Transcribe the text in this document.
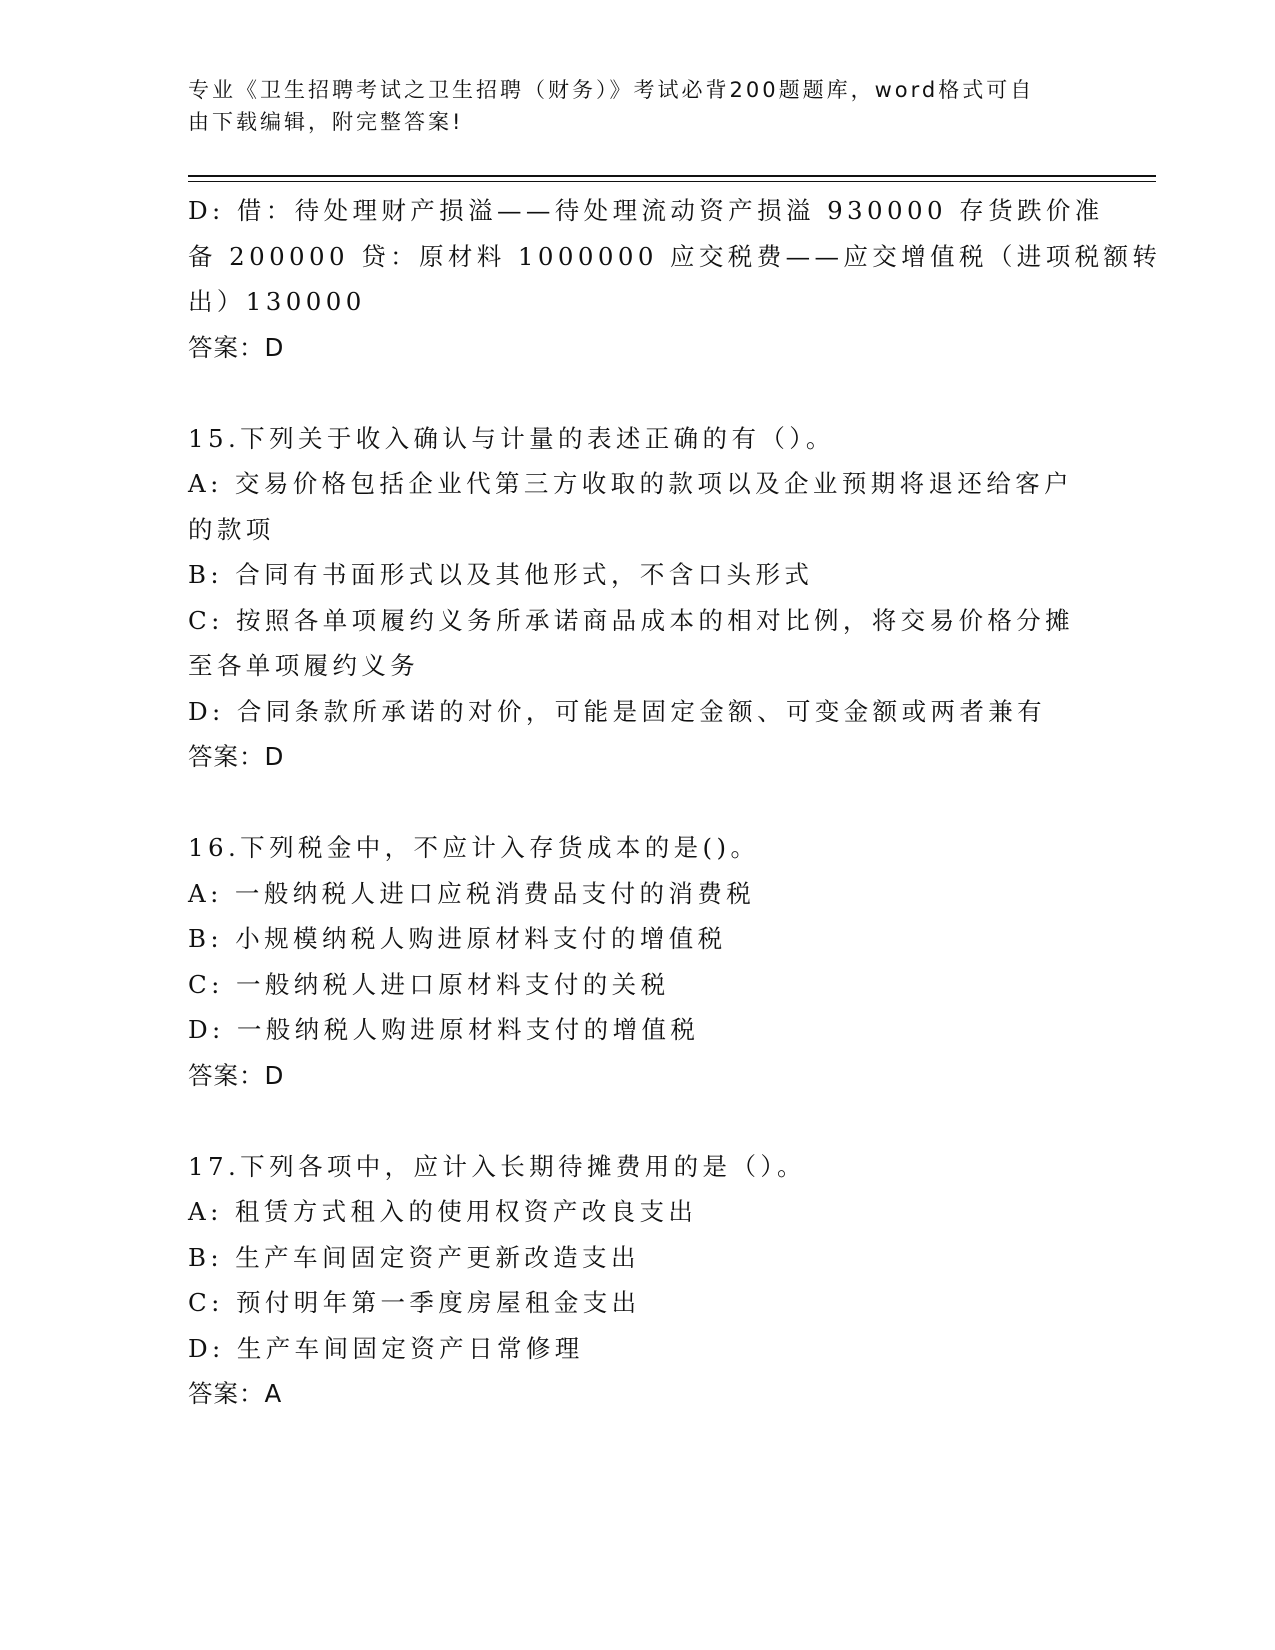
专业《卫生招聘考试之卫生招聘（财务）》考试必背200题题库，word格式可自
由下载编辑，附完整答案!
D: 借：待处理财产损溢——待处理流动资产损溢 930000 存货跌价准
备 200000 贷：原材料 1000000 应交税费——应交增值税（进项税额转
出）130000
答案：D
15.下列关于收入确认与计量的表述正确的有（）。
A: 交易价格包括企业代第三方收取的款项以及企业预期将退还给客户
的款项
B: 合同有书面形式以及其他形式，不含口头形式
C: 按照各单项履约义务所承诺商品成本的相对比例，将交易价格分摊
至各单项履约义务
D: 合同条款所承诺的对价，可能是固定金额、可变金额或两者兼有
答案：D
16.下列税金中，不应计入存货成本的是()。
A: 一般纳税人进口应税消费品支付的消费税
B: 小规模纳税人购进原材料支付的增值税
C: 一般纳税人进口原材料支付的关税
D: 一般纳税人购进原材料支付的增值税
答案：D
17.下列各项中，应计入长期待摊费用的是（）。
A: 租赁方式租入的使用权资产改良支出
B: 生产车间固定资产更新改造支出
C: 预付明年第一季度房屋租金支出
D: 生产车间固定资产日常修理
答案：A
